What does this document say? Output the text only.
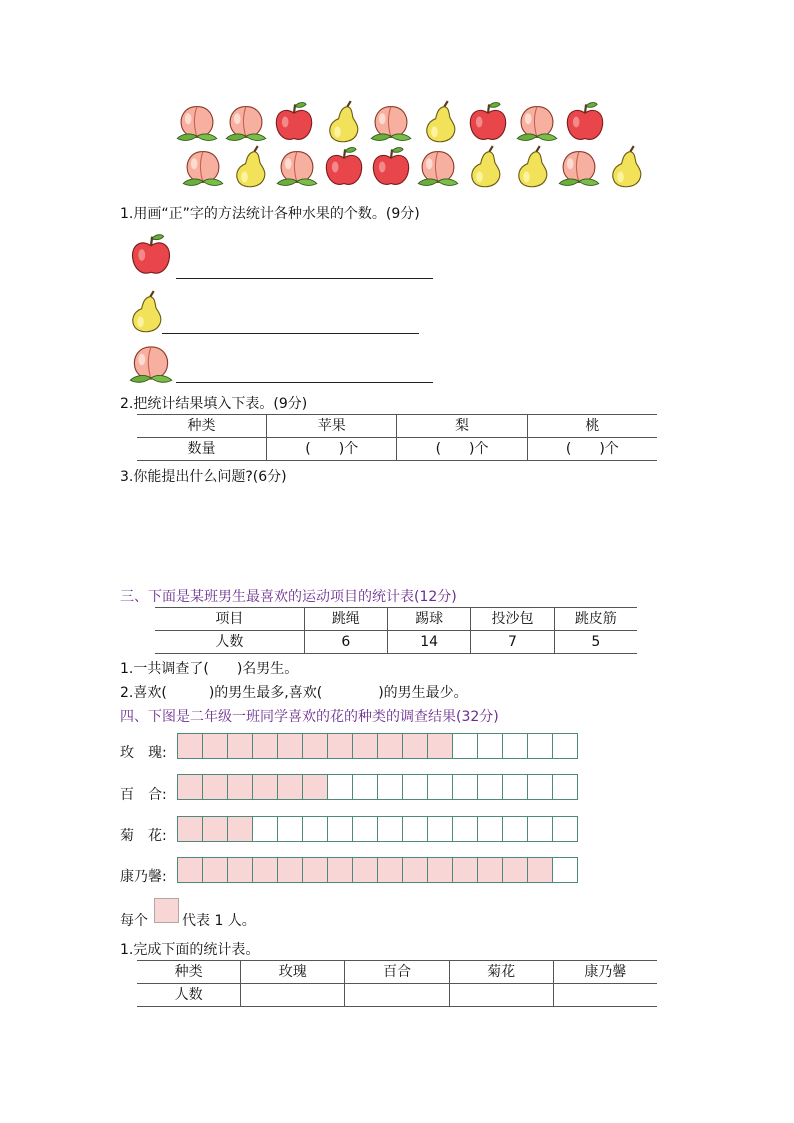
1.用画“正”字的方法统计各种水果的个数。(9分)
2.把统计结果填入下表。(9分)
种类	苹果	梨	桃
数量	(　　)个	(　　)个	(　　)个
3.你能提出什么问题?(6分)
三、下面是某班男生最喜欢的运动项目的统计表(12分)
项目	跳绳	踢球	投沙包	跳皮筋
人数	6	14	7	5
1.一共调查了(　　)名男生。
2.喜欢(　　　)的男生最多,喜欢(　　　　)的男生最少。
四、下图是二年级一班同学喜欢的花的种类的调查结果(32分)
玫　瑰:
百　合:
菊　花:
康乃馨:
每个 代表 1 人。
1.完成下面的统计表。
种类	玫瑰	百合	菊花	康乃馨
人数				
